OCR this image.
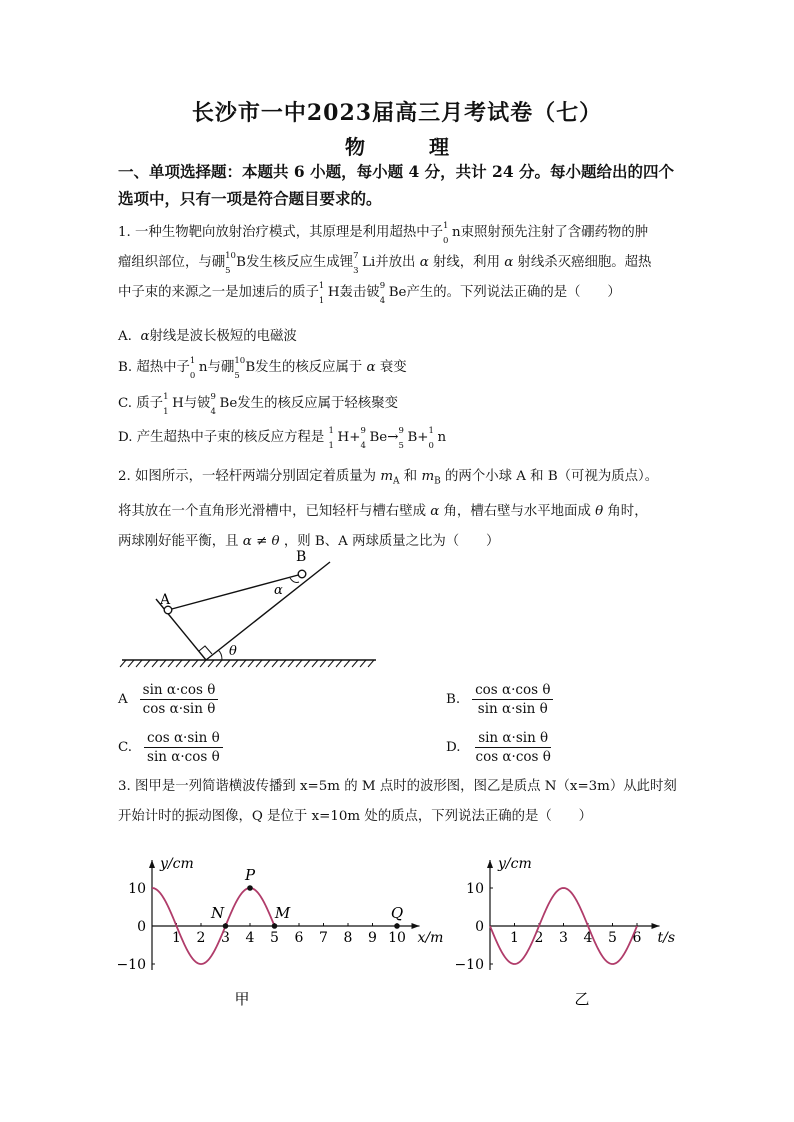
长沙市一中2023届高三月考试卷（七）
物　理
一、单项选择题：本题共 6 小题，每小题 4 分，共计 24 分。每小题给出的四个
选项中，只有一项是符合题目要求的。
1. 一种生物靶向放射治疗模式，其原理是利用超热中子 1
0
n束照射预先注射了含硼药物的肿
瘤组织部位，与硼 10
5
B发生核反应生成锂 7
3
Li并放出 α 射线，利用 α 射线杀灭癌细胞。超热
中子束的来源之一是加速后的质子 1
1
H轰击铍 9
4
Be产生的。下列说法正确的是（　　）
A.  α射线是波长极短的电磁波
B. 超热中子 1
0
n与硼 10
5
B发生的核反应属于 α 衰变
C. 质子 1
1
H与铍 9
4
Be发生的核反应属于轻核聚变
D. 产生超热中子束的核反应方程是 1
1
H+ 9
4
Be→ 9
5
B+ 1
0
n
2. 如图所示，一轻杆两端分别固定着质量为 $m_A$ 和 $m_B$ 的两个小球 A 和 B（可视为质点）。
将其放在一个直角形光滑槽中，已知轻杆与槽右壁成 α 角，槽右壁与水平地面成 θ 角时，
两球刚好能平衡，且 α ≠ θ ，则 B、A 两球质量之比为（　　）
A
B
α
θ
A $\frac{\text{sin α·cos θ}}{\text{cos α·sin θ}}$	B. $\frac{\text{cos α·cos θ}}{\text{sin α·sin θ}}$
C. $\frac{\text{cos α·sin θ}}{\text{sin α·cos θ}}$	D. $\frac{\text{sin α·sin θ}}{\text{cos α·cos θ}}$
3. 图甲是一列简谐横波传播到 x=5m 的 M 点时的波形图，图乙是质点 N（x=3m）从此时刻
开始计时的振动图像，Q 是位于 x=10m 处的质点，下列说法正确的是（　　）
y/cm
x/m
10
0
−10
1 2 3 4 5 6 7 8 9 10
甲
N
P
M	Q
y/cm
t/s
10
0
−10
1 2 3 4 5 6
乙
